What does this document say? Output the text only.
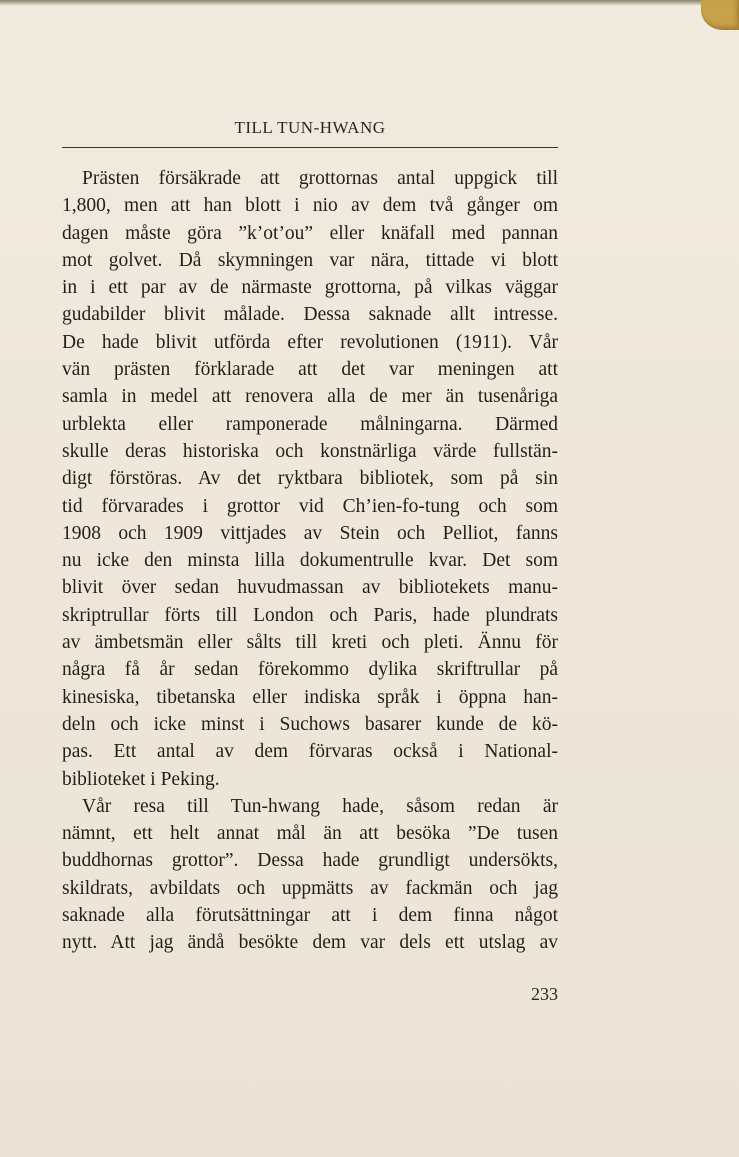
TILL TUN-HWANG
Prästen försäkrade att grottornas antal uppgick till
1,800, men att han blott i nio av dem två gånger om
dagen måste göra ”k’ot’ou” eller knäfall med pannan
mot golvet. Då skymningen var nära, tittade vi blott
in i ett par av de närmaste grottorna, på vilkas väggar
gudabilder blivit målade. Dessa saknade allt intresse.
De hade blivit utförda efter revolutionen (1911). Vår
vän prästen förklarade att det var meningen att
samla in medel att renovera alla de mer än tusenåriga
urblekta eller ramponerade målningarna. Därmed
skulle deras historiska och konstnärliga värde fullstän-
digt förstöras. Av det ryktbara bibliotek, som på sin
tid förvarades i grottor vid Ch’ien-fo-tung och som
1908 och 1909 vittjades av Stein och Pelliot, fanns
nu icke den minsta lilla dokumentrulle kvar. Det som
blivit över sedan huvudmassan av bibliotekets manu-
skriptrullar förts till London och Paris, hade plundrats
av ämbetsmän eller sålts till kreti och pleti. Ännu för
några få år sedan förekommo dylika skriftrullar på
kinesiska, tibetanska eller indiska språk i öppna han-
deln och icke minst i Suchows basarer kunde de kö-
pas. Ett antal av dem förvaras också i National-
biblioteket i Peking.
Vår resa till Tun-hwang hade, såsom redan är
nämnt, ett helt annat mål än att besöka ”De tusen
buddhornas grottor”. Dessa hade grundligt undersökts,
skildrats, avbildats och uppmätts av fackmän och jag
saknade alla förutsättningar att i dem finna något
nytt. Att jag ändå besökte dem var dels ett utslag av
233
